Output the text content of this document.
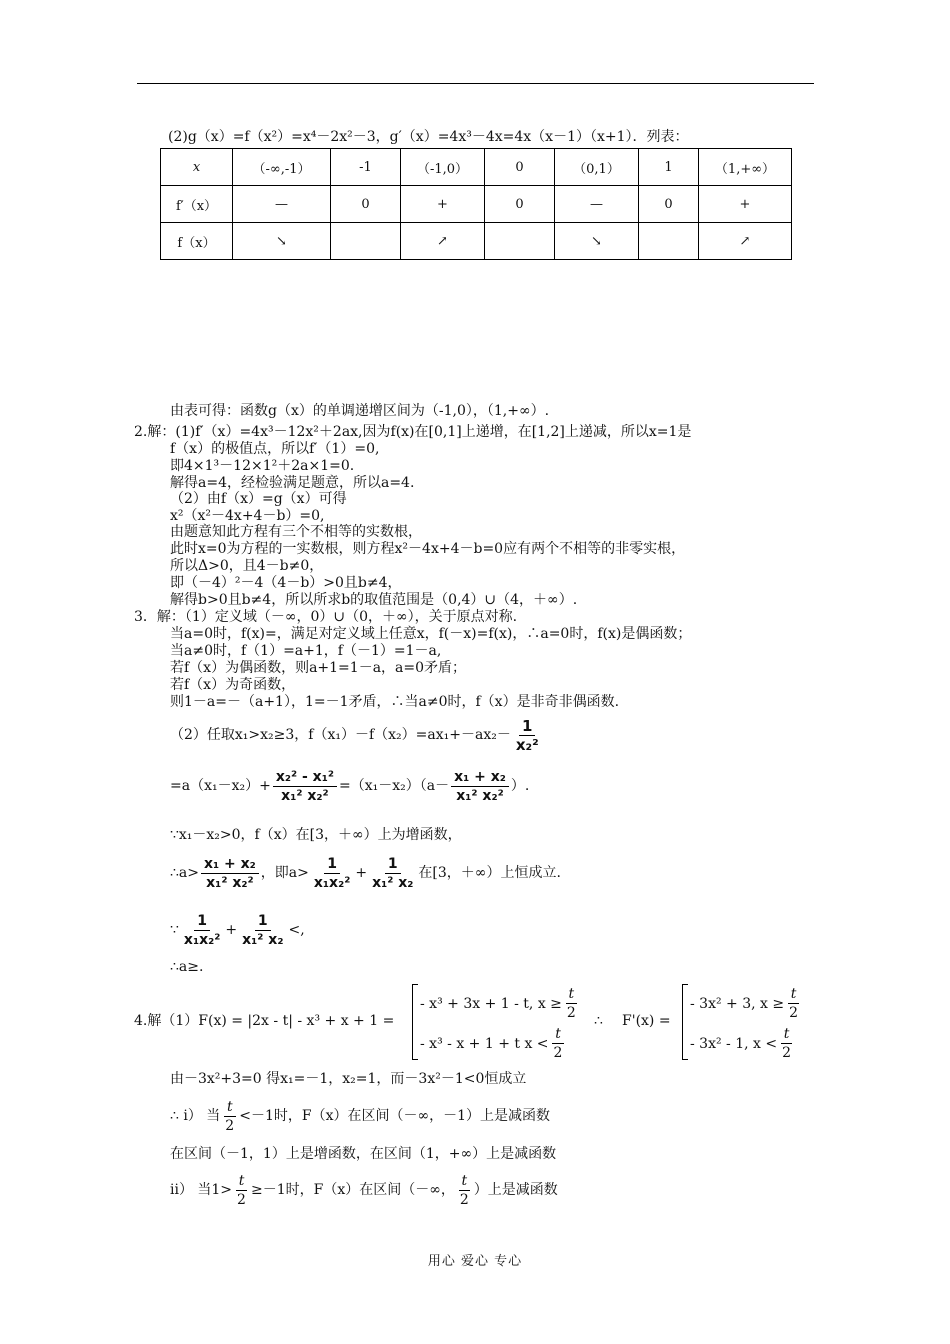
(2)g（x）=f（x²）=x⁴－2x²－3，g′（x）=4x³－4x=4x（x－1）（x+1）．列表：
x	（-∞,-1）	-1	（-1,0）	0	（0,1）	1	（1,+∞）
f′（x）	—	0	+	0	—	0	+
f（x）	↘		↗		↘		↗
由表可得：函数g（x）的单调递增区间为（-1,0），（1,+∞）.
2.解：(1)f′（x）=4x³－12x²＋2ax,因为f(x)在[0,1]上递增，在[1,2]上递减，所以x=1是
f（x）的极值点，所以f′（1）=0,
即4×1³－12×1²＋2a×1=0.
解得a=4，经检验满足题意，所以a=4.
（2）由f（x）=g（x）可得
x²（x²－4x+4－b）=0,
由题意知此方程有三个不相等的实数根，
此时x=0为方程的一实数根，则方程x²－4x+4－b=0应有两个不相等的非零实根，
所以Δ>0，且4－b≠0，
即（－4）²－4（4－b）>0且b≠4，
解得b>0且b≠4，所以所求b的取值范围是（0,4）∪（4，＋∞）.
3．解：（1）定义域（－∞，0）∪（0，＋∞），关于原点对称.
当a=0时，f(x)=，满足对定义域上任意x，f(－x)=f(x)，∴a=0时，f(x)是偶函数；
当a≠0时，f（1）=a+1，f（－1）=1－a,
若f（x）为偶函数，则a+1=1－a，a=0矛盾；
若f（x）为奇函数，
则1－a=－（a+1），1=－1矛盾，∴当a≠0时，f（x）是非奇非偶函数.
（2）任取x₁>x₂≥3，$f(x_1)-f(x_2)=ax_1+-ax_2- \frac{1}{\text{x₂²}}$
$=a(x_1-x_2)+ \frac{\text{x₂² - x₁²}}{\text{x₁² x₂²}} =(x_1-x_2)(a- \frac{\text{x₁ + x₂}}{\text{x₁² x₂²}}$ ）.
∵x₁－x₂>0，f（x）在[3，＋∞）上为增函数，
∴a> $\frac{\text{x₁ + x₂}}{\text{x₁² x₂²}}$ ，即$a> \frac{1}{\text{x₁x₂²}} + \frac{1}{\text{x₁² x₂}}$ 在[3，＋∞）上恒成立.
∵ $\frac{1}{\text{x₁x₂²}} + \frac{1}{\text{x₁² x₂}}$ <,
∴a≥.
4.解（1）F(x) = |2x - t| - x³ + x + 1 =
- x³ + 3x + 1 - t, $x \ge \frac{t}{2}$
- x³ - x + 1 + t $x < \frac{t}{2}$
∴ F'(x) =
- 3x² + 3, $x \ge \frac{t}{2}$
- 3x² - 1, $x < \frac{t}{2}$
由－3x²+3=0 得x₁=－1，x₂=1，而－3x²－1<0恒成立
∴ i） 当 $\frac{t}{2} <-1$时，F（x）在区间（－∞，－1）上是减函数
在区间（－1，1）上是增函数，在区间（1，+∞）上是减函数
ii） 当$1> \frac{t}{2} \ge-1$时，F（x）在区间（－∞， $\frac{t}{2}$ ）上是减函数
用心 爱心 专心
